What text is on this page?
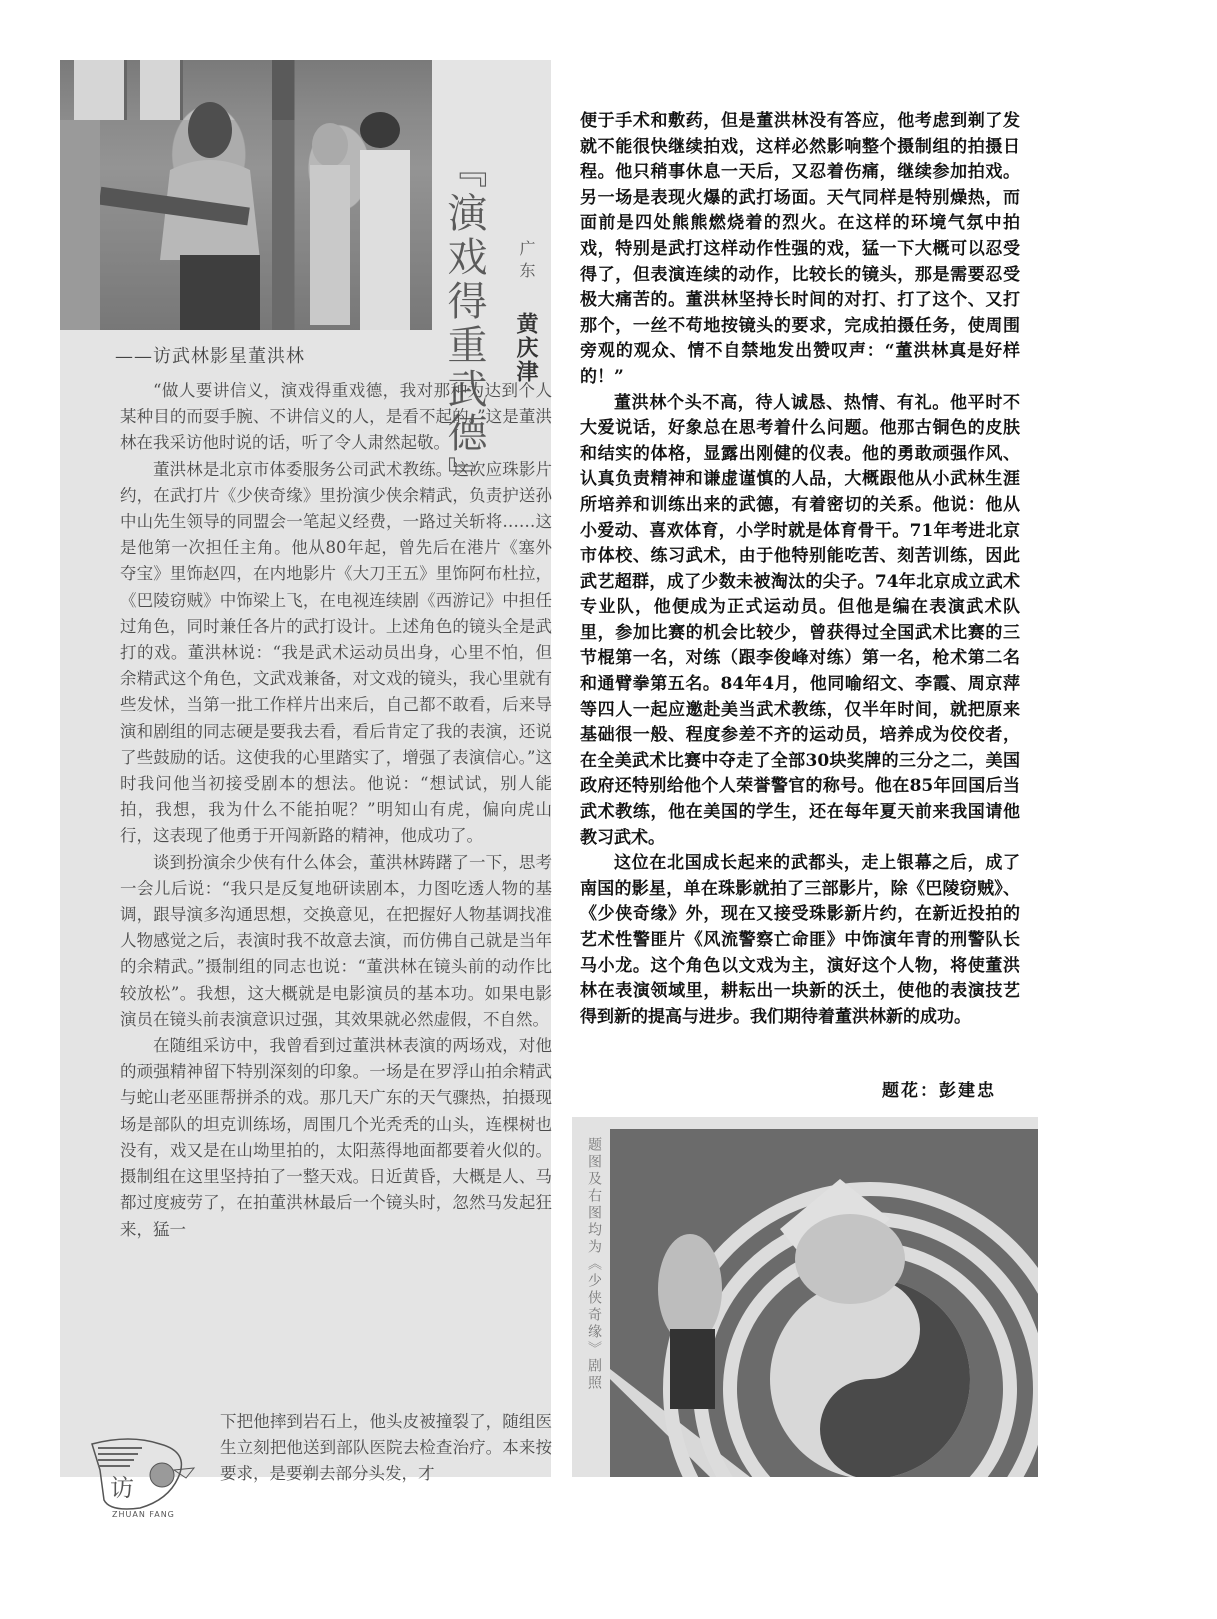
『演戏得重武德』	广东
黄庆津
——访武林影星董洪林

“做人要讲信义，演戏得重戏德，我对那种为达到个人某种目的而耍手腕、不讲信义的人，是看不起的。”这是董洪林在我采访他时说的话，听了令人肃然起敬。

董洪林是北京市体委服务公司武术教练。这次应珠影片约，在武打片《少侠奇缘》里扮演少侠余精武，负责护送孙中山先生领导的同盟会一笔起义经费，一路过关斩将……这是他第一次担任主角。他从80年起，曾先后在港片《塞外夺宝》里饰赵四，在内地影片《大刀王五》里饰阿布杜拉，《巴陵窃贼》中饰梁上飞，在电视连续剧《西游记》中担任过角色，同时兼任各片的武打设计。上述角色的镜头全是武打的戏。董洪林说：“我是武术运动员出身，心里不怕，但余精武这个角色，文武戏兼备，对文戏的镜头，我心里就有些发怵，当第一批工作样片出来后，自己都不敢看，后来导演和剧组的同志硬是要我去看，看后肯定了我的表演，还说了些鼓励的话。这使我的心里踏实了，增强了表演信心。”这时我问他当初接受剧本的想法。他说：“想试试，别人能拍，我想，我为什么不能拍呢？”明知山有虎，偏向虎山行，这表现了他勇于开闯新路的精神，他成功了。

谈到扮演余少侠有什么体会，董洪林踌躇了一下，思考一会儿后说：“我只是反复地研读剧本，力图吃透人物的基调，跟导演多沟通思想，交换意见，在把握好人物基调找准人物感觉之后，表演时我不故意去演，而仿佛自己就是当年的余精武。”摄制组的同志也说：“董洪林在镜头前的动作比较放松”。我想，这大概就是电影演员的基本功。如果电影演员在镜头前表演意识过强，其效果就必然虚假，不自然。

在随组采访中，我曾看到过董洪林表演的两场戏，对他的顽强精神留下特别深刻的印象。一场是在罗浮山拍余精武与蛇山老巫匪帮拼杀的戏。那几天广东的天气骤热，拍摄现场是部队的坦克训练场，周围几个光秃秃的山头，连棵树也没有，戏又是在山坳里拍的，太阳蒸得地面都要着火似的。摄制组在这里坚持拍了一整天戏。日近黄昏，大概是人、马都过度疲劳了，在拍董洪林最后一个镜头时，忽然马发起狂来，猛一

下把他摔到岩石上，他头皮被撞裂了，随组医生立刻把他送到部队医院去检查治疗。本来按要求，是要剃去部分头发，才
访
ZHUAN FANG

便于手术和敷药，但是董洪林没有答应，他考虑到剃了发就不能很快继续拍戏，这样必然影响整个摄制组的拍摄日程。他只稍事休息一天后，又忍着伤痛，继续参加拍戏。另一场是表现火爆的武打场面。天气同样是特别燥热，而面前是四处熊熊燃烧着的烈火。在这样的环境气氛中拍戏，特别是武打这样动作性强的戏，猛一下大概可以忍受得了，但表演连续的动作，比较长的镜头，那是需要忍受极大痛苦的。董洪林坚持长时间的对打、打了这个、又打那个，一丝不苟地按镜头的要求，完成拍摄任务，使周围旁观的观众、情不自禁地发出赞叹声：“董洪林真是好样的！”

董洪林个头不高，待人诚恳、热情、有礼。他平时不大爱说话，好象总在思考着什么问题。他那古铜色的皮肤和结实的体格，显露出刚健的仪表。他的勇敢顽强作风、认真负责精神和谦虚谨慎的人品，大概跟他从小武林生涯所培养和训练出来的武德，有着密切的关系。他说：他从小爱动、喜欢体育，小学时就是体育骨干。71年考进北京市体校、练习武术，由于他特别能吃苦、刻苦训练，因此武艺超群，成了少数未被淘汰的尖子。74年北京成立武术专业队，他便成为正式运动员。但他是编在表演武术队里，参加比赛的机会比较少，曾获得过全国武术比赛的三节棍第一名，对练（跟李俊峰对练）第一名，枪术第二名和通臂拳第五名。84年4月，他同喻绍文、李霞、周京萍等四人一起应邀赴美当武术教练，仅半年时间，就把原来基础很一般、程度参差不齐的运动员，培养成为佼佼者，在全美武术比赛中夺走了全部30块奖牌的三分之二，美国政府还特别给他个人荣誉警官的称号。他在85年回国后当武术教练，他在美国的学生，还在每年夏天前来我国请他教习武术。

这位在北国成长起来的武都头，走上银幕之后，成了南国的影星，单在珠影就拍了三部影片，除《巴陵窃贼》、《少侠奇缘》外，现在又接受珠影新片约，在新近投拍的艺术性警匪片《风流警察亡命匪》中饰演年青的刑警队长马小龙。这个角色以文戏为主，演好这个人物，将使董洪林在表演领域里，耕耘出一块新的沃土，使他的表演技艺得到新的提高与进步。我们期待着董洪林新的成功。

题花：彭建忠
题图及右图均为《少侠奇缘》剧照
